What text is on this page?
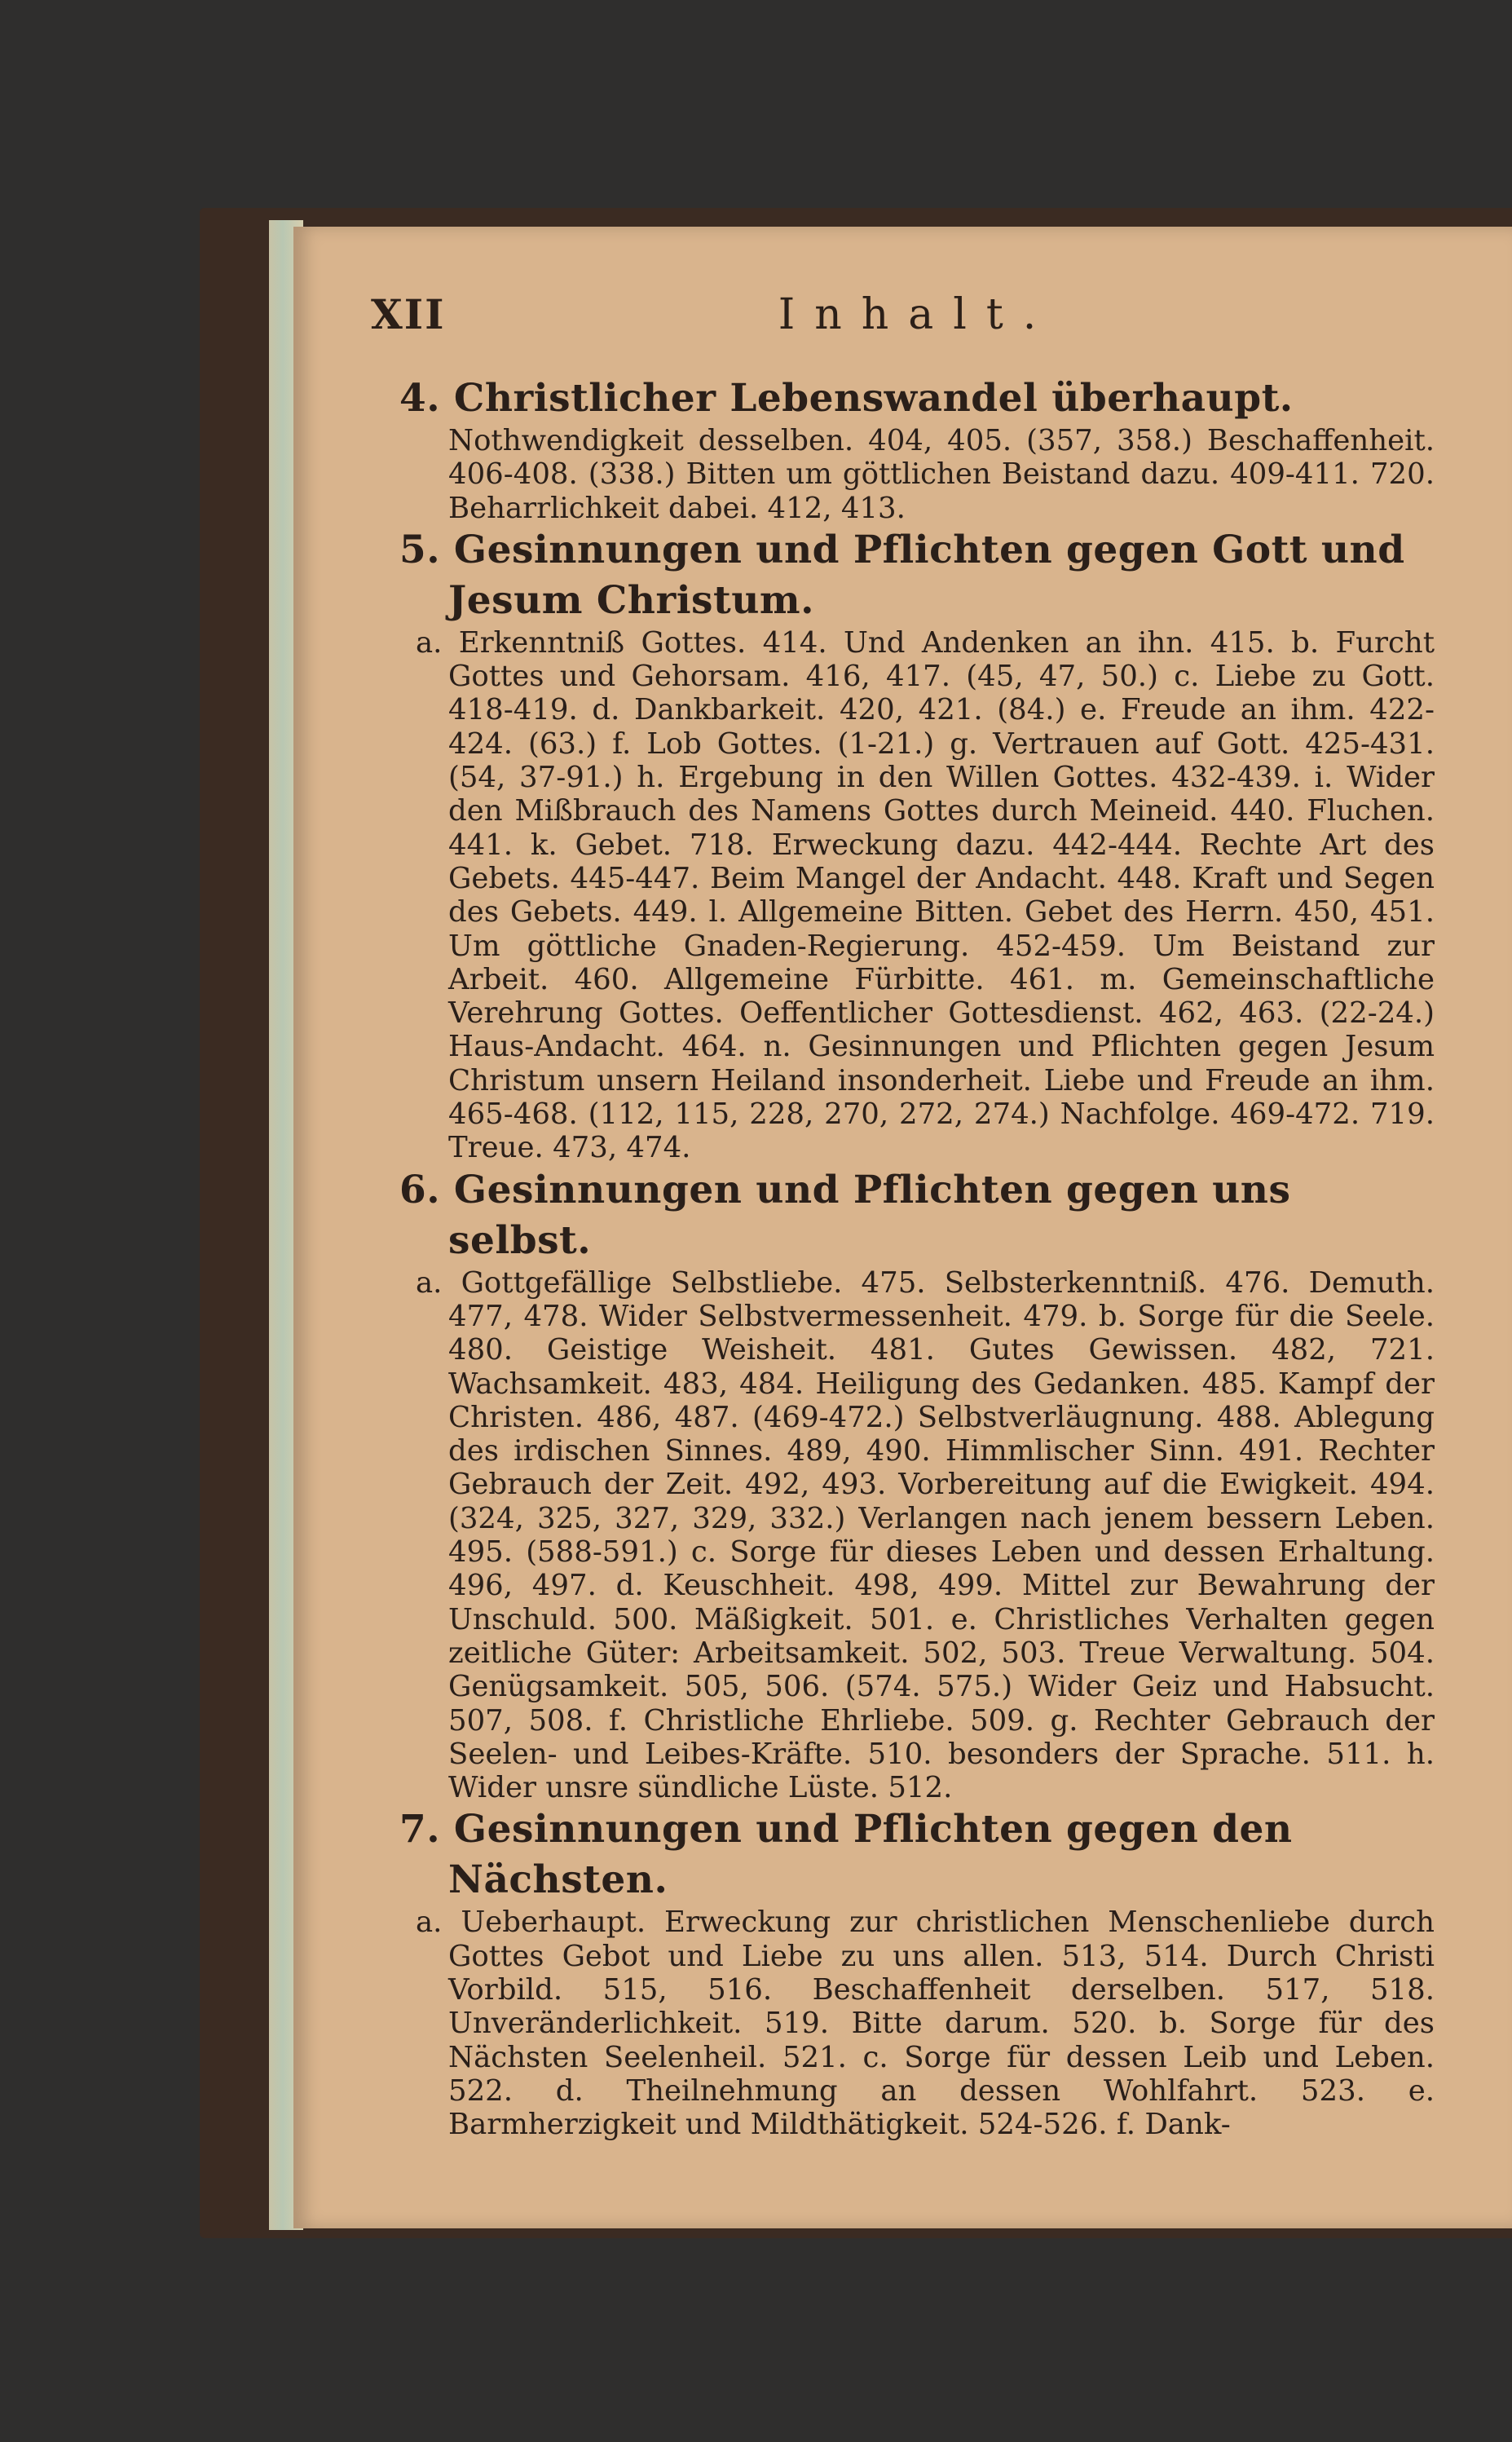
XII	Inhalt.
4. Christlicher Lebenswandel überhaupt.
Nothwendigkeit desselben. 404, 405. (357, 358.) Beschaffenheit. 406-408. (338.) Bitten um göttlichen Beistand dazu. 409-411. 720. Beharrlichkeit dabei. 412, 413.
5. Gesinnungen und Pflichten gegen Gott und Jesum Christum.
a. Erkenntniß Gottes. 414. Und Andenken an ihn. 415. b. Furcht Gottes und Gehorsam. 416, 417. (45, 47, 50.) c. Liebe zu Gott. 418-419. d. Dankbarkeit. 420, 421. (84.) e. Freude an ihm. 422-424. (63.) f. Lob Gottes. (1-21.) g. Vertrauen auf Gott. 425-431. (54, 37-91.) h. Ergebung in den Willen Gottes. 432-439. i. Wider den Mißbrauch des Namens Gottes durch Meineid. 440. Fluchen. 441. k. Gebet. 718. Erweckung dazu. 442-444. Rechte Art des Gebets. 445-447. Beim Mangel der Andacht. 448. Kraft und Segen des Gebets. 449. l. Allgemeine Bitten. Gebet des Herrn. 450, 451. Um göttliche Gnaden-Regierung. 452-459. Um Beistand zur Arbeit. 460. Allgemeine Fürbitte. 461. m. Gemeinschaftliche Verehrung Gottes. Oeffentlicher Gottesdienst. 462, 463. (22-24.) Haus-Andacht. 464. n. Gesinnungen und Pflichten gegen Jesum Christum unsern Heiland insonderheit. Liebe und Freude an ihm. 465-468. (112, 115, 228, 270, 272, 274.) Nachfolge. 469-472. 719. Treue. 473, 474.
6. Gesinnungen und Pflichten gegen uns selbst.
a. Gottgefällige Selbstliebe. 475. Selbsterkenntniß. 476. Demuth. 477, 478. Wider Selbstvermessenheit. 479. b. Sorge für die Seele. 480. Geistige Weisheit. 481. Gutes Gewissen. 482, 721. Wachsamkeit. 483, 484. Heiligung des Gedanken. 485. Kampf der Christen. 486, 487. (469-472.) Selbstverläugnung. 488. Ablegung des irdischen Sinnes. 489, 490. Himmlischer Sinn. 491. Rechter Gebrauch der Zeit. 492, 493. Vorbereitung auf die Ewigkeit. 494. (324, 325, 327, 329, 332.) Verlangen nach jenem bessern Leben. 495. (588-591.) c. Sorge für dieses Leben und dessen Erhaltung. 496, 497. d. Keuschheit. 498, 499. Mittel zur Bewahrung der Unschuld. 500. Mäßigkeit. 501. e. Christliches Verhalten gegen zeitliche Güter: Arbeitsamkeit. 502, 503. Treue Verwaltung. 504. Genügsamkeit. 505, 506. (574. 575.) Wider Geiz und Habsucht. 507, 508. f. Christliche Ehrliebe. 509. g. Rechter Gebrauch der Seelen- und Leibes-Kräfte. 510. besonders der Sprache. 511. h. Wider unsre sündliche Lüste. 512.
7. Gesinnungen und Pflichten gegen den Nächsten.
a. Ueberhaupt. Erweckung zur christlichen Menschenliebe durch Gottes Gebot und Liebe zu uns allen. 513, 514. Durch Christi Vorbild. 515, 516. Beschaffenheit derselben. 517, 518. Unveränderlichkeit. 519. Bitte darum. 520. b. Sorge für des Nächsten Seelenheil. 521. c. Sorge für dessen Leib und Leben. 522. d. Theilnehmung an dessen Wohlfahrt. 523. e. Barmherzigkeit und Mildthätigkeit. 524-526. f. Dank-
